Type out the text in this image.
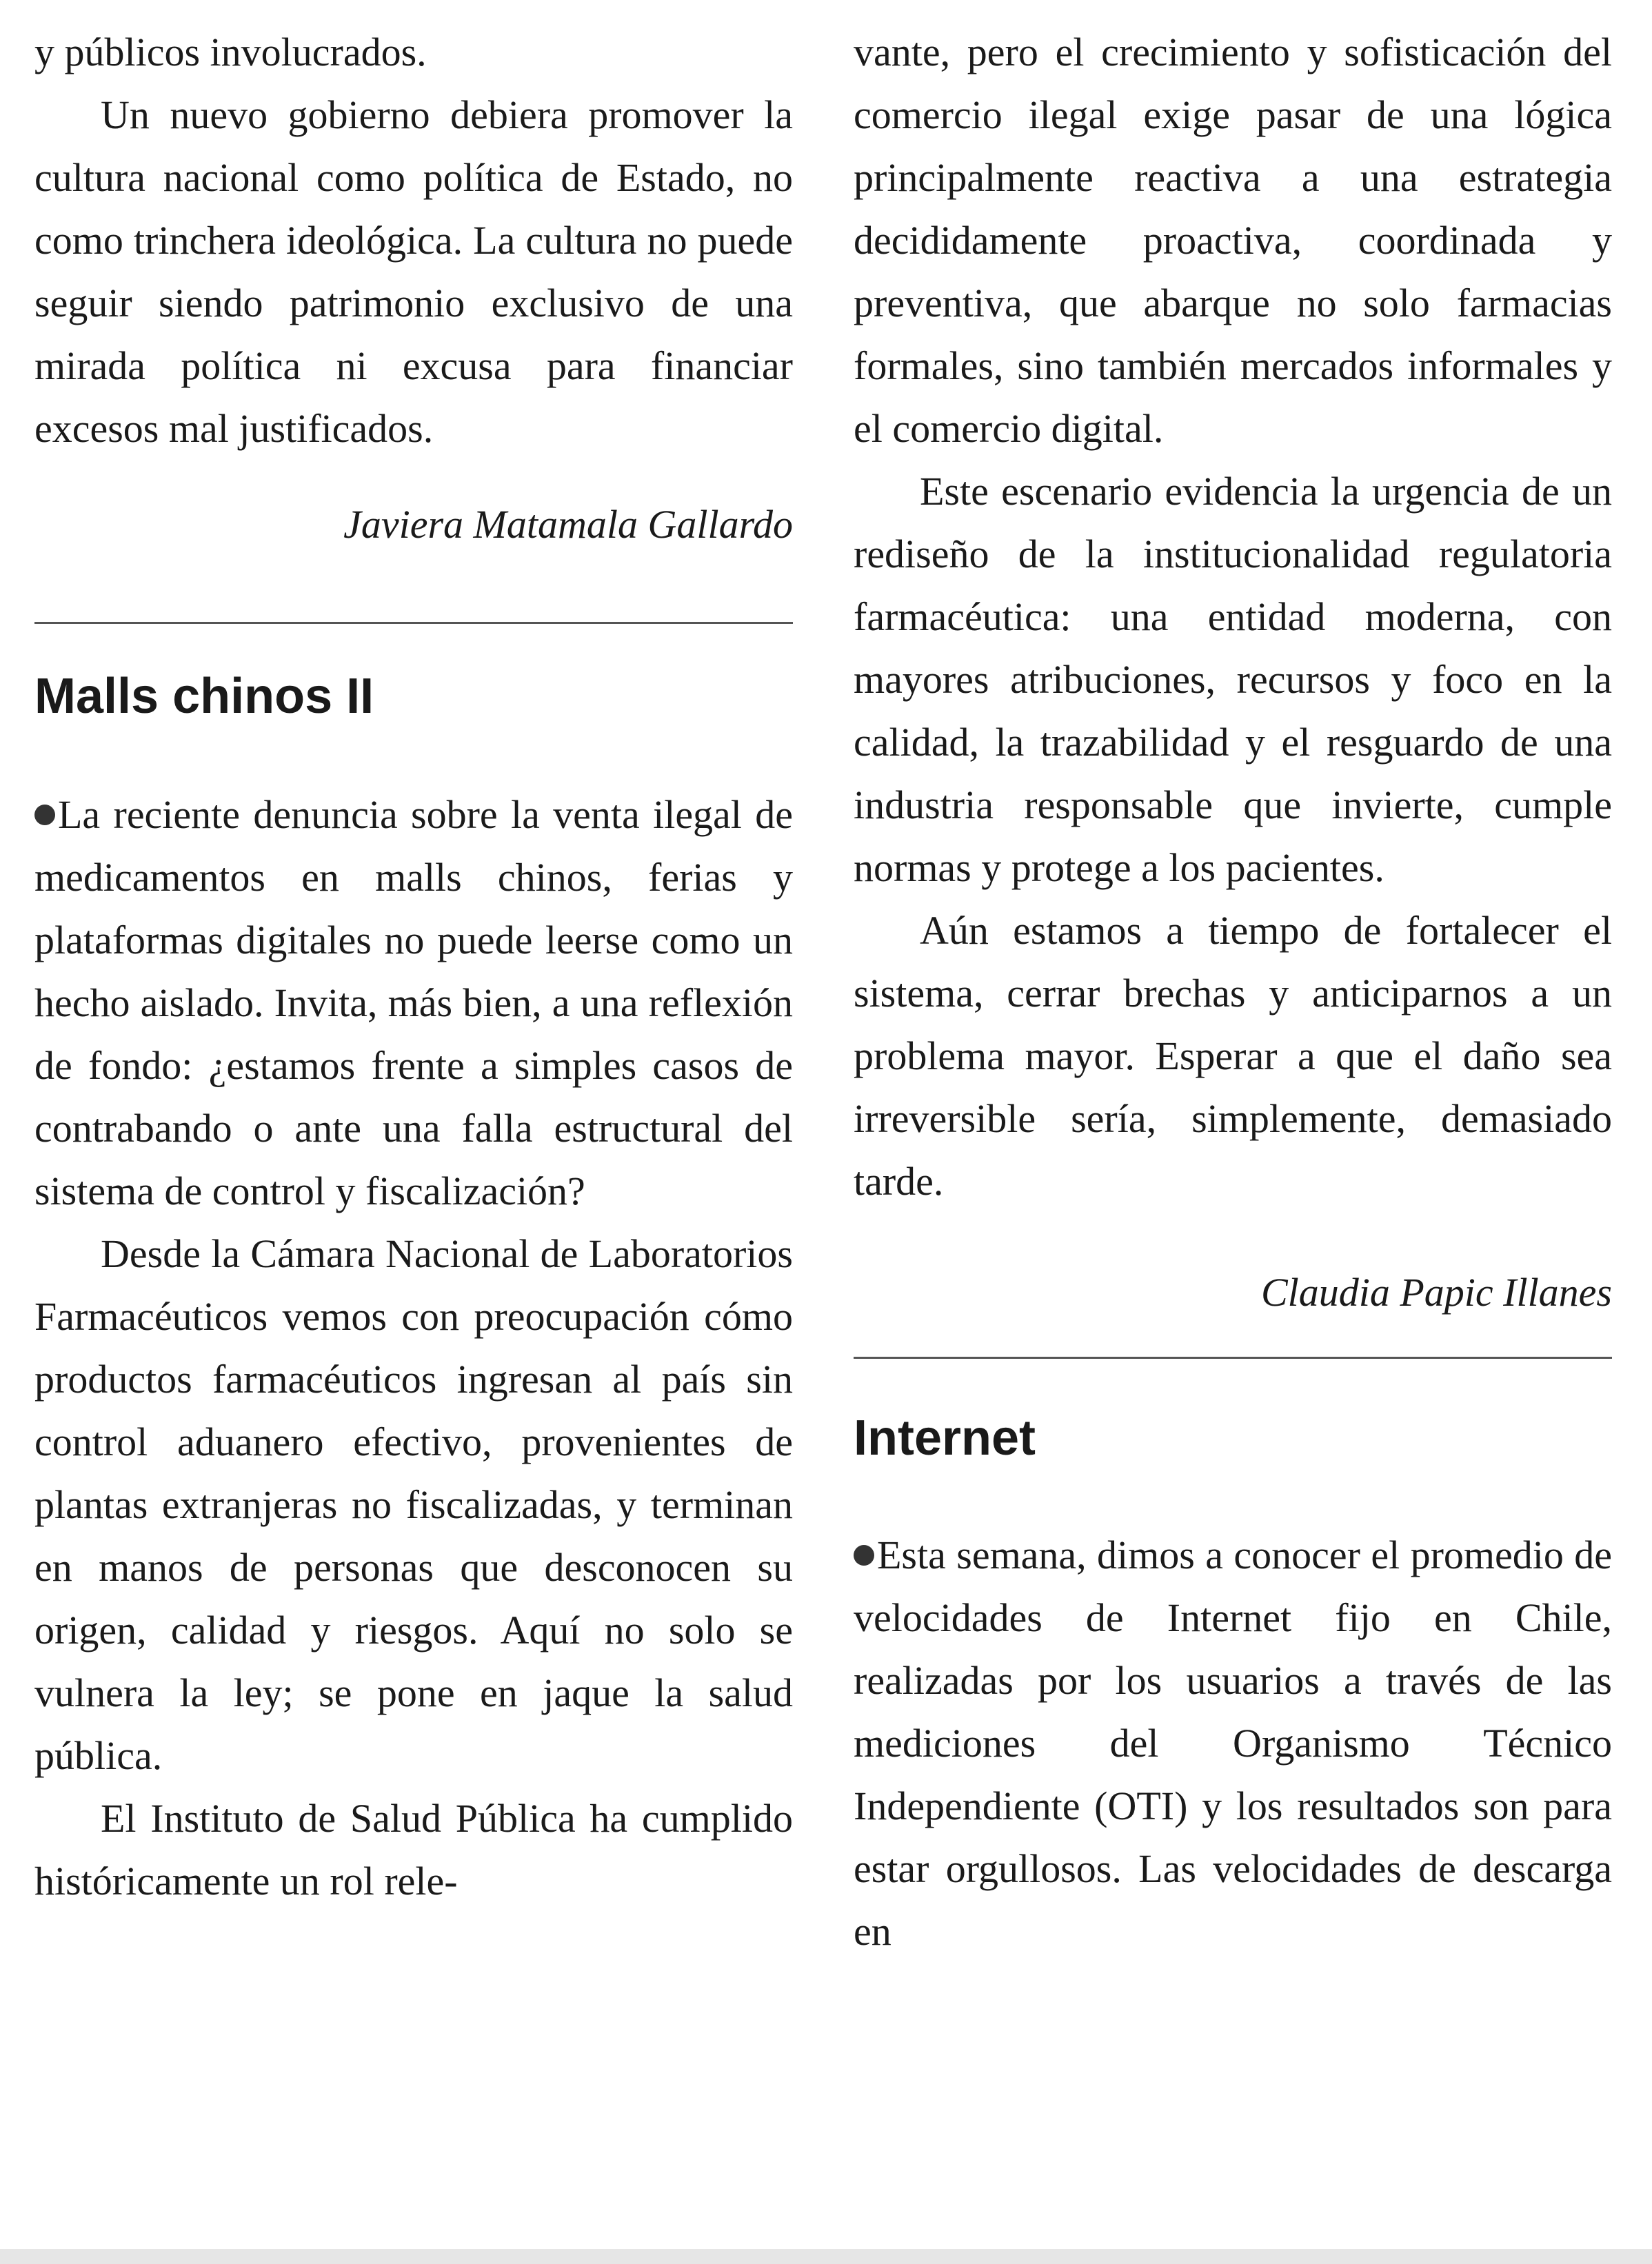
y públicos involucrados.

Un nuevo gobierno debiera promover la cultura nacional como política de Estado, no como trinchera ideológica. La cultura no puede seguir siendo patrimonio exclusivo de una mirada política ni excusa para financiar excesos mal justificados.

Javiera Matamala Gallardo

Malls chinos II

La reciente denuncia sobre la venta ilegal de medicamentos en malls chinos, ferias y plataformas digitales no puede leerse como un hecho aislado. Invita, más bien, a una reflexión de fondo: ¿estamos frente a simples casos de contrabando o ante una falla estructural del sistema de control y fiscalización?

Desde la Cámara Nacional de Laboratorios Farmacéuticos vemos con preocupación cómo productos farmacéuticos ingresan al país sin control aduanero efectivo, provenientes de plantas extranjeras no fiscalizadas, y terminan en manos de personas que desconocen su origen, calidad y riesgos. Aquí no solo se vulnera la ley; se pone en jaque la salud pública.

El Instituto de Salud Pública ha cumplido históricamente un rol rele-

vante, pero el crecimiento y sofisticación del comercio ilegal exige pasar de una lógica principalmente reactiva a una estrategia decididamente proactiva, coordinada y preventiva, que abarque no solo farmacias formales, sino también mercados informales y el comercio digital.

Este escenario evidencia la urgencia de un rediseño de la institucionalidad regulatoria farmacéutica: una entidad moderna, con mayores atribuciones, recursos y foco en la calidad, la trazabilidad y el resguardo de una industria responsable que invierte, cumple normas y protege a los pacientes.

Aún estamos a tiempo de fortalecer el sistema, cerrar brechas y anticiparnos a un problema mayor. Esperar a que el daño sea irreversible sería, simplemente, demasiado tarde.

Claudia Papic Illanes

Internet

Esta semana, dimos a conocer el promedio de velocidades de Internet fijo en Chile, realizadas por los usuarios a través de las mediciones del Organismo Técnico Independiente (OTI) y los resultados son para estar orgullosos. Las velocidades de descarga en
